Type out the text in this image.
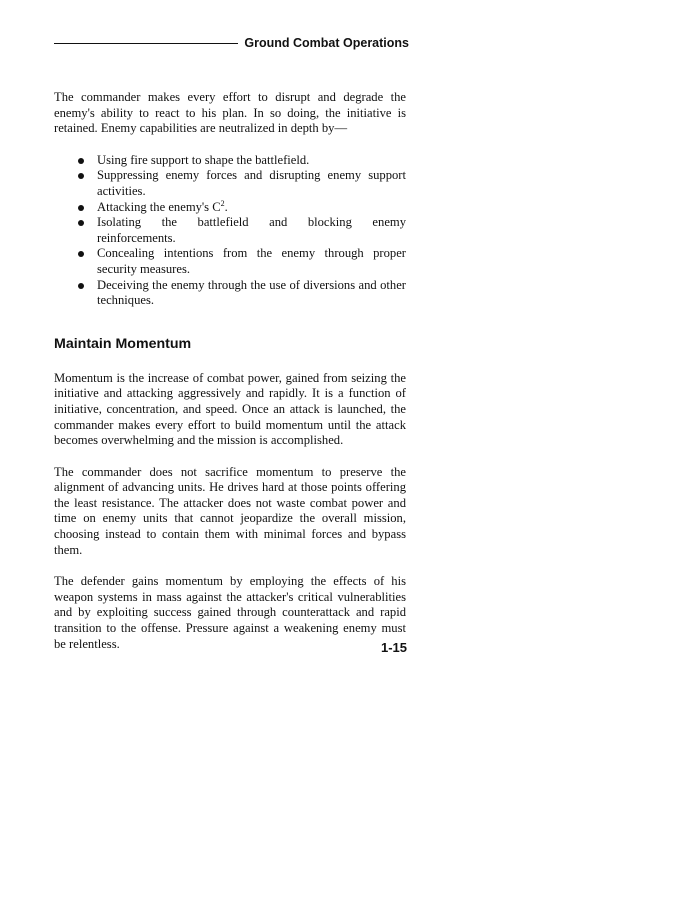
Ground Combat Operations

The commander makes every effort to disrupt and degrade the enemy's ability to react to his plan. In so doing, the initiative is retained. Enemy capabilities are neutralized in depth by—

Using fire support to shape the battlefield.
Suppressing enemy forces and disrupting enemy support activities.
Attacking the enemy's $C^2$.
Isolating the battlefield and blocking enemy
reinforcements.
Concealing intentions from the enemy through proper security measures.
Deceiving the enemy through the use of diversions and other techniques.
Maintain Momentum

Momentum is the increase of combat power, gained from seizing the initiative and attacking aggressively and rapidly. It is a function of initiative, concentration, and speed. Once an attack is launched, the commander makes every effort to build momentum until the attack becomes overwhelming and the mission is accomplished.

The commander does not sacrifice momentum to preserve the alignment of advancing units. He drives hard at those points offering the least resistance. The attacker does not waste combat power and time on enemy units that cannot jeopardize the overall mission, choosing instead to contain them with minimal forces and bypass them.

The defender gains momentum by employing the effects of his weapon systems in mass against the attacker's critical vulnerablities and by exploiting success gained through counterattack and rapid transition to the offense. Pressure against a weakening enemy must be relentless.	1-15
